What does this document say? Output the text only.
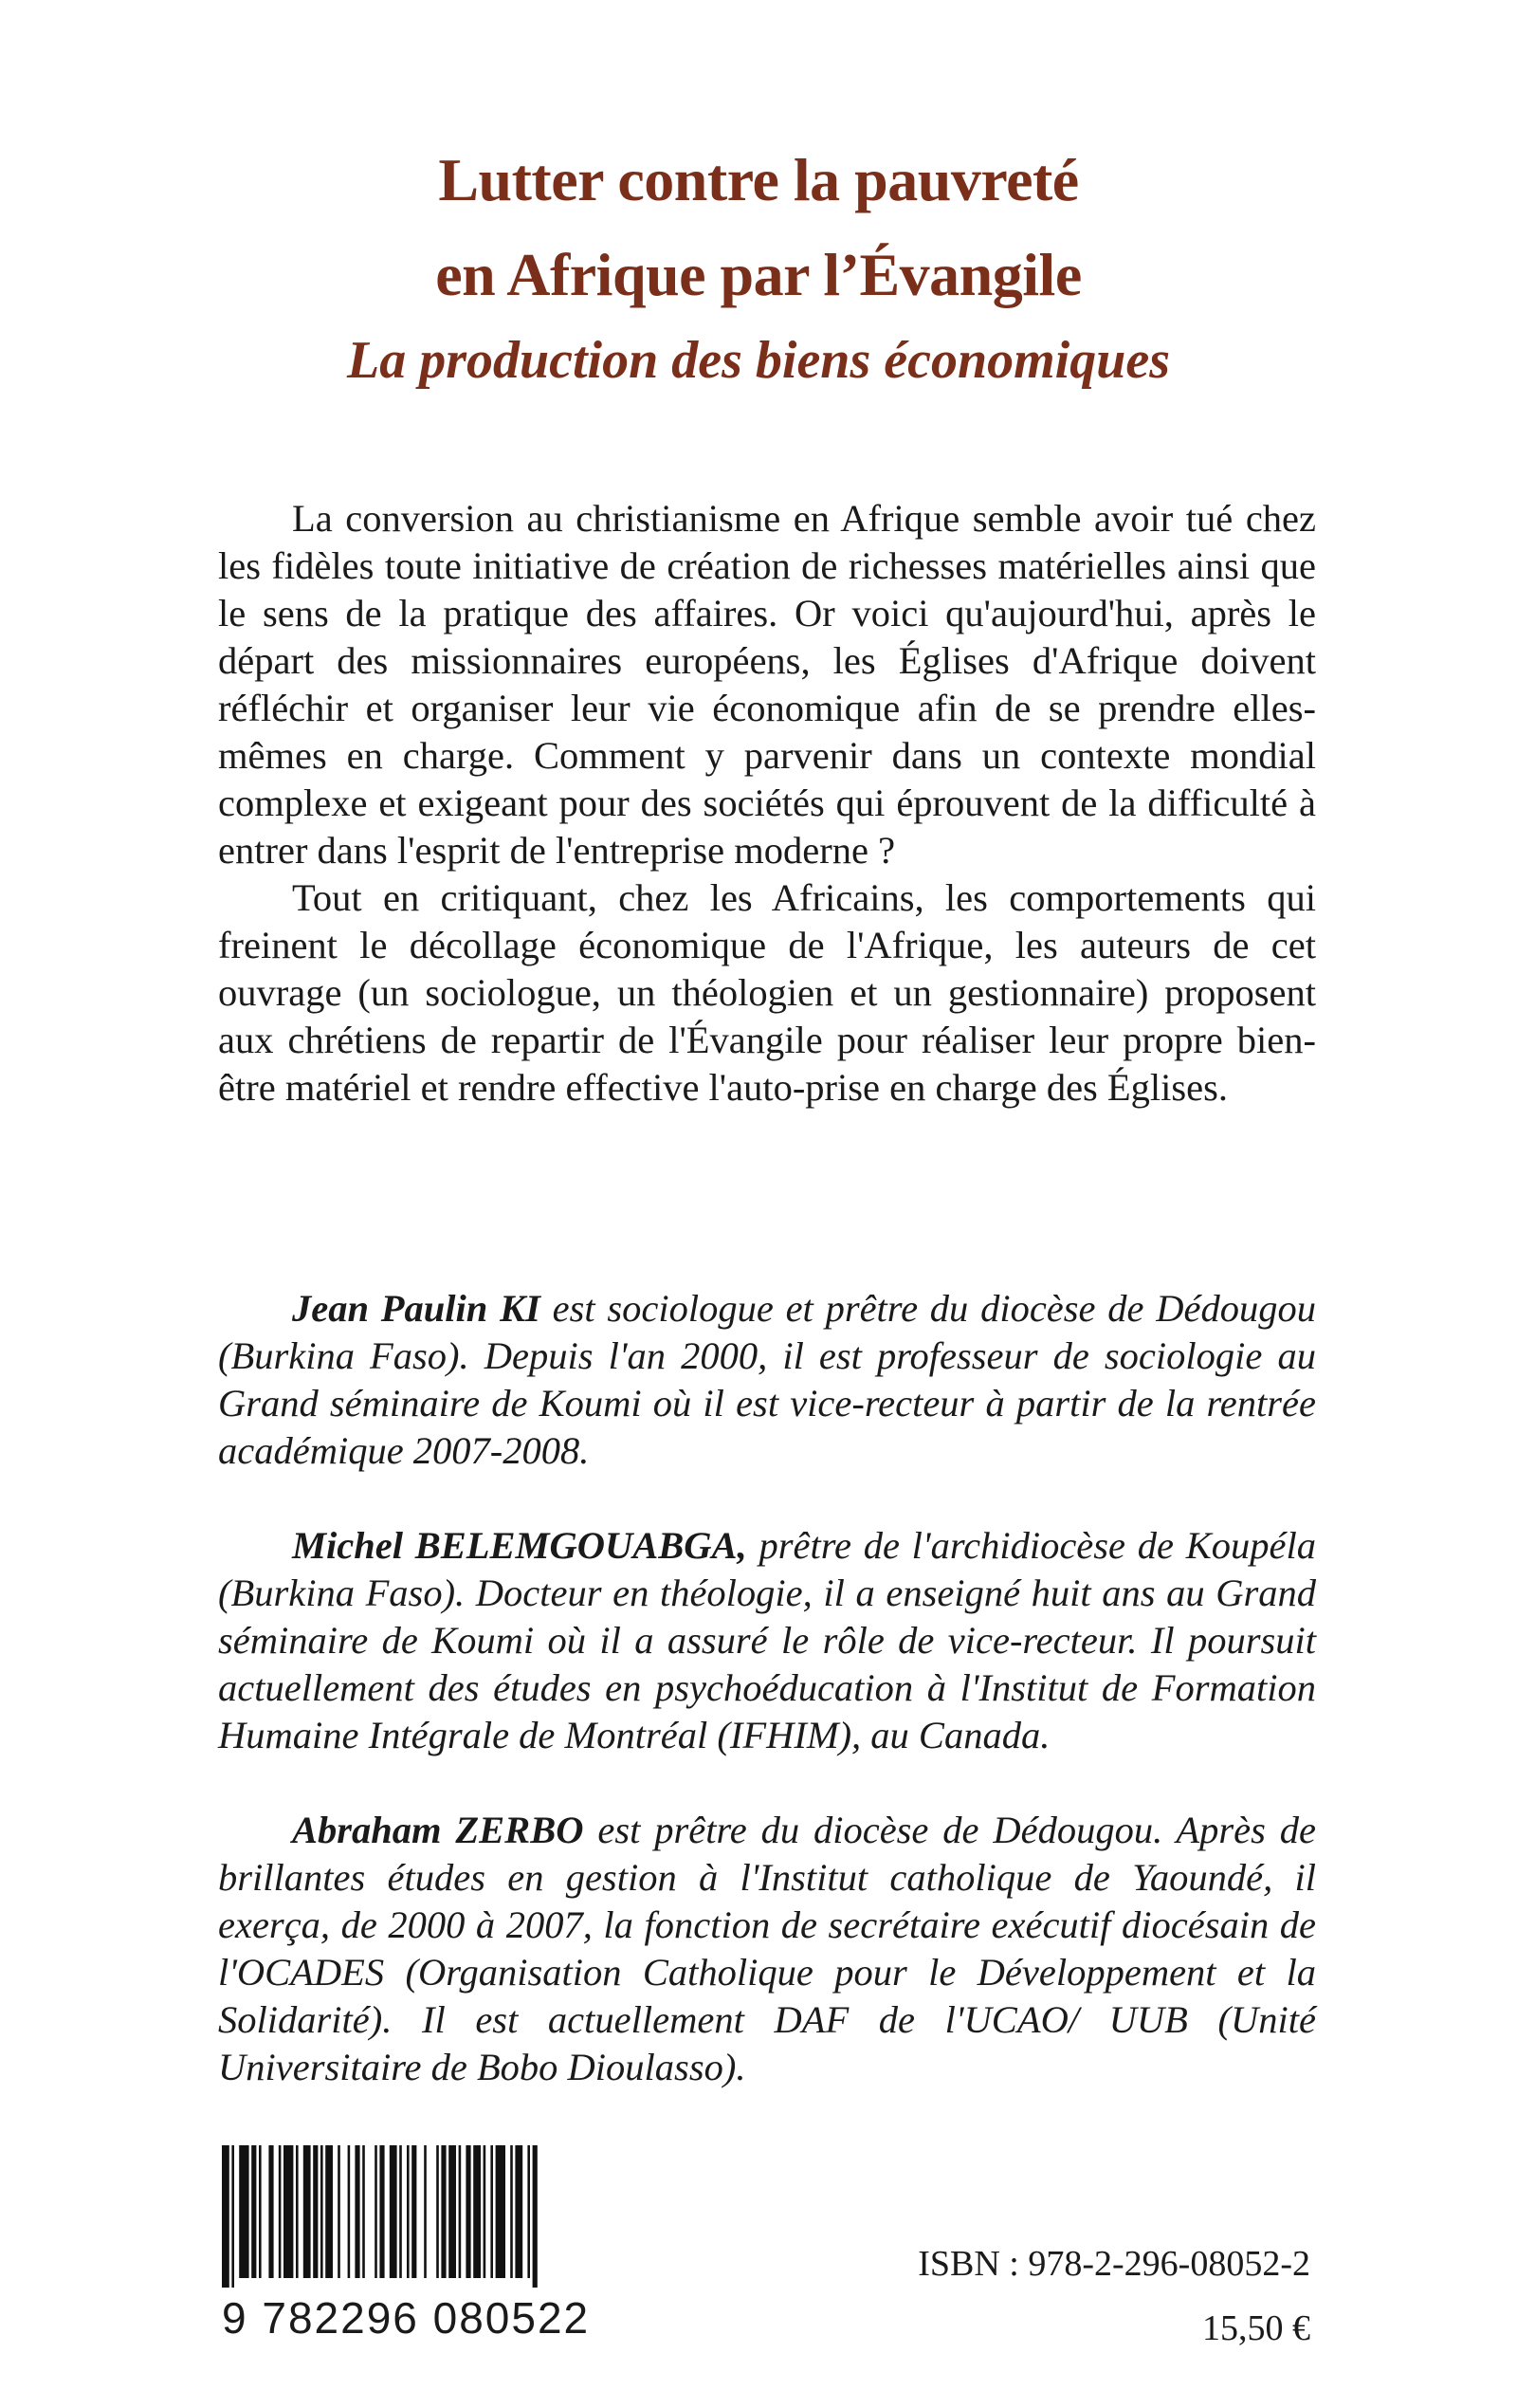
Lutter contre la pauvreté
en Afrique par l’Évangile
La production des biens économiques

La conversion au christianisme en Afrique semble avoir tué chez les fidèles toute initiative de création de richesses matérielles ainsi que le sens de la pratique des affaires. Or voici qu'aujourd'hui, après le départ des missionnaires européens, les Églises d'Afrique doivent réfléchir et organiser leur vie économique afin de se prendre elles-mêmes en charge. Comment y parvenir dans un contexte mondial complexe et exigeant pour des sociétés qui éprouvent de la difficulté à entrer dans l'esprit de l'entreprise moderne ?

Tout en critiquant, chez les Africains, les comportements qui freinent le décollage économique de l'Afrique, les auteurs de cet ouvrage (un sociologue, un théologien et un gestionnaire) proposent aux chrétiens de repartir de l'Évangile pour réaliser leur propre bien-être matériel et rendre effective l'auto-prise en charge des Églises.

Jean Paulin KI est sociologue et prêtre du diocèse de Dédougou (Burkina Faso). Depuis l'an 2000, il est professeur de sociologie au Grand séminaire de Koumi où il est vice-recteur à partir de la rentrée académique 2007-2008.

Michel BELEMGOUABGA, prêtre de l'archidiocèse de Koupéla (Burkina Faso). Docteur en théologie, il a enseigné huit ans au Grand séminaire de Koumi où il a assuré le rôle de vice-recteur. Il poursuit actuellement des études en psychoéducation à l'Institut de Formation Humaine Intégrale de Montréal (IFHIM), au Canada.

Abraham ZERBO est prêtre du diocèse de Dédougou. Après de brillantes études en gestion à l'Institut catholique de Yaoundé, il exerça, de 2000 à 2007, la fonction de secrétaire exécutif diocésain de l'OCADES (Organisation Catholique pour le Développement et la Solidarité). Il est actuellement DAF de l'UCAO/ UUB (Unité Universitaire de Bobo Dioulasso).

9 782296 080522
ISBN : 978-2-296-08052-2
15,50 €
